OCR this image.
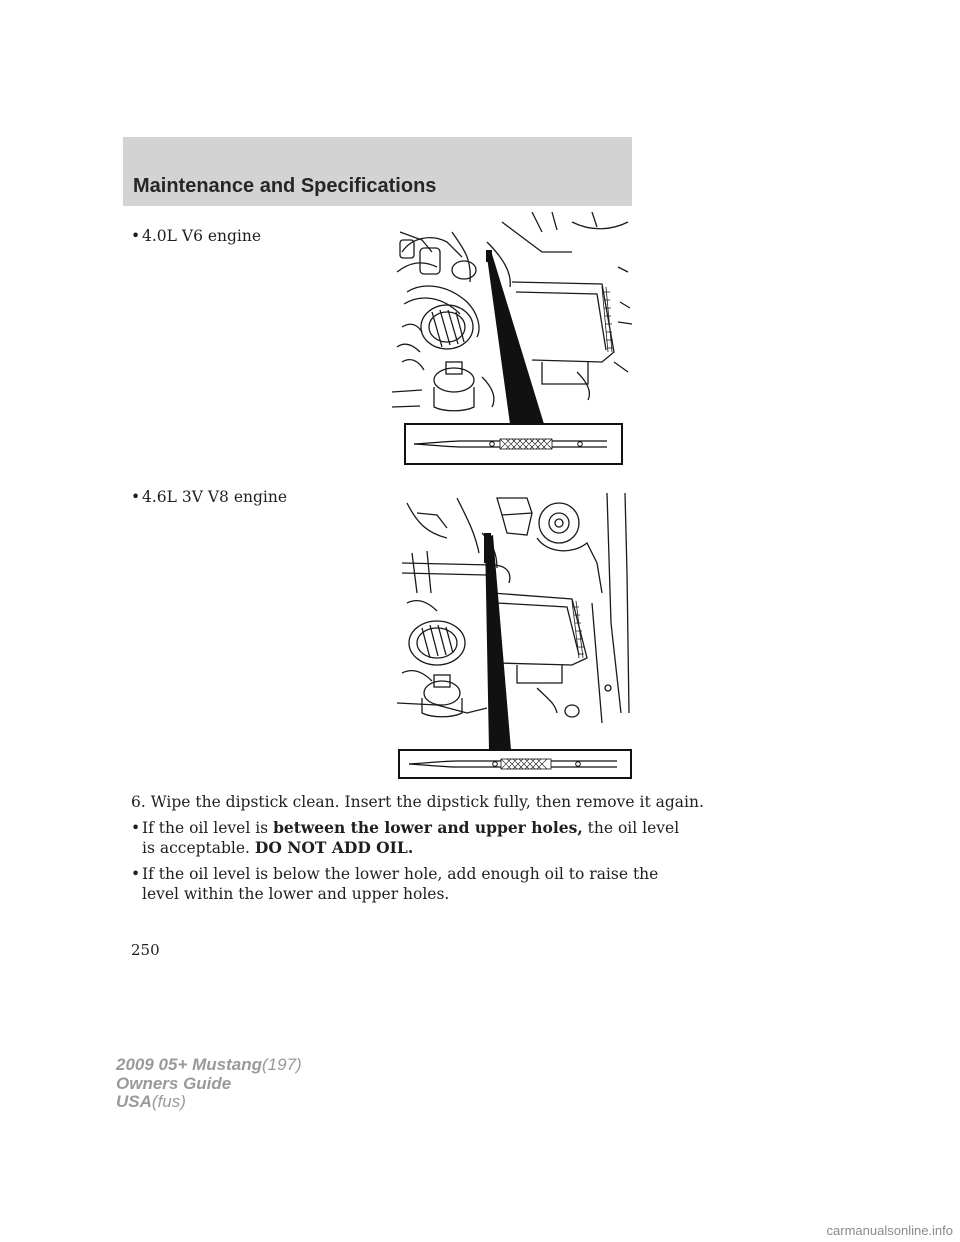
Maintenance and Specifications
• 4.0L V6 engine
• 4.6L 3V V8 engine
6. Wipe the dipstick clean. Insert the dipstick fully, then remove it again.
• If the oil level is between the lower and upper holes, the oil level
is acceptable. DO NOT ADD OIL.
• If the oil level is below the lower hole, add enough oil to raise the
level within the lower and upper holes.
250
2009 05+ Mustang(197)
Owners Guide
USA(fus)
carmanualsonline.info
